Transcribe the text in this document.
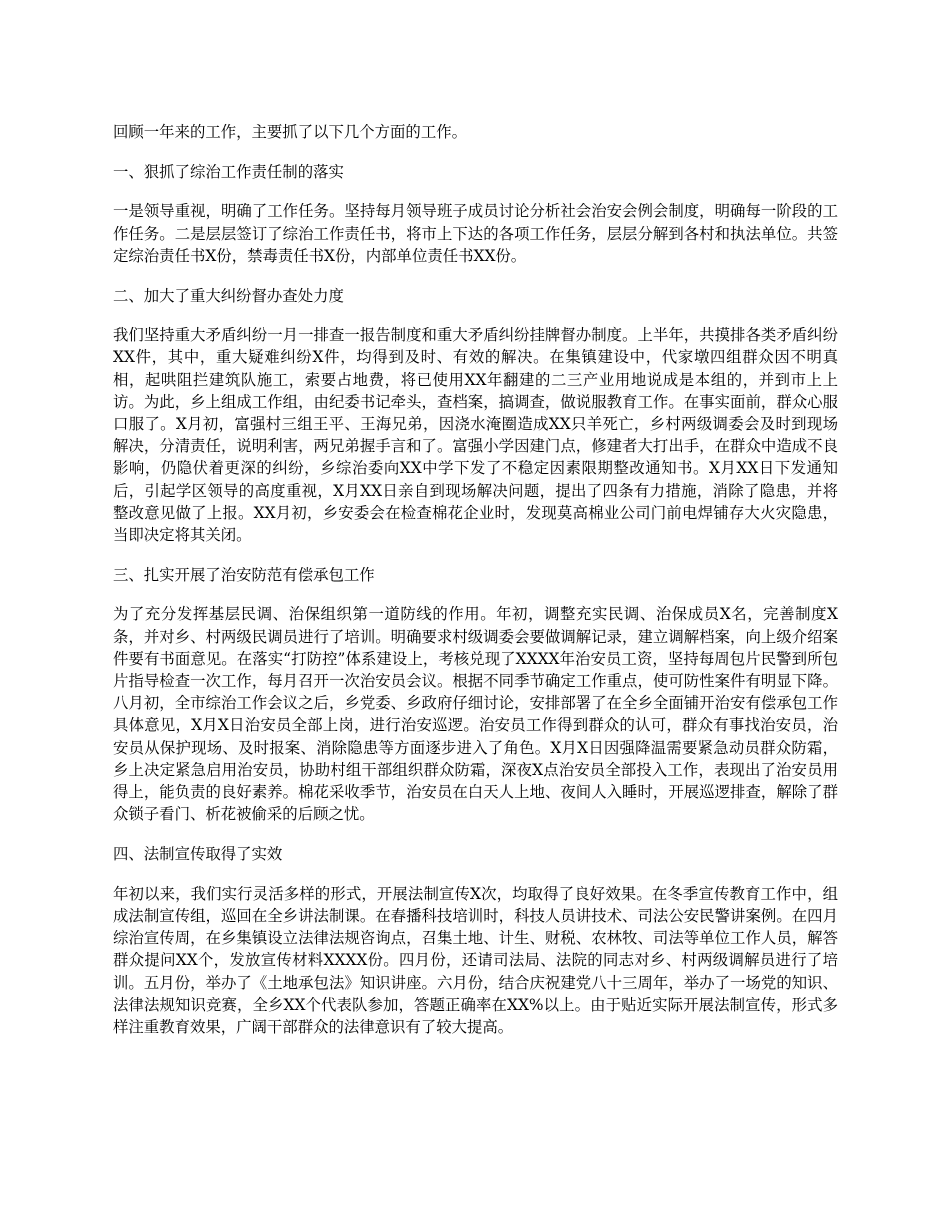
回顾一年来的工作，主要抓了以下几个方面的工作。

一、狠抓了综治工作责任制的落实

一是领导重视，明确了工作任务。坚持每月领导班子成员讨论分析社会治安会例会制度，明确每一阶段的工作任务。二是层层签订了综治工作责任书，将市上下达的各项工作任务，层层分解到各村和执法单位。共签定综治责任书X份，禁毒责任书X份，内部单位责任书XX份。

二、加大了重大纠纷督办查处力度

我们坚持重大矛盾纠纷一月一排查一报告制度和重大矛盾纠纷挂牌督办制度。上半年，共摸排各类矛盾纠纷XX件，其中，重大疑难纠纷X件，均得到及时、有效的解决。在集镇建设中，代家墩四组群众因不明真相，起哄阻拦建筑队施工，索要占地费，将已使用XX年翻建的二三产业用地说成是本组的，并到市上上访。为此，乡上组成工作组，由纪委书记牵头，查档案，搞调查，做说服教育工作。在事实面前，群众心服口服了。X月初，富强村三组王平、王海兄弟，因浇水淹圈造成XX只羊死亡，乡村两级调委会及时到现场解决，分清责任，说明利害，两兄弟握手言和了。富强小学因建门点，修建者大打出手，在群众中造成不良影响，仍隐伏着更深的纠纷，乡综治委向XX中学下发了不稳定因素限期整改通知书。X月XX日下发通知后，引起学区领导的高度重视，X月XX日亲自到现场解决问题，提出了四条有力措施，消除了隐患，并将整改意见做了上报。XX月初，乡安委会在检查棉花企业时，发现莫高棉业公司门前电焊铺存大火灾隐患，当即决定将其关闭。

三、扎实开展了治安防范有偿承包工作

为了充分发挥基层民调、治保组织第一道防线的作用。年初，调整充实民调、治保成员X名，完善制度X条，并对乡、村两级民调员进行了培训。明确要求村级调委会要做调解记录，建立调解档案，向上级介绍案件要有书面意见。在落实“打防控”体系建设上，考核兑现了XXXX年治安员工资，坚持每周包片民警到所包片指导检查一次工作，每月召开一次治安员会议。根据不同季节确定工作重点，使可防性案件有明显下降。八月初，全市综治工作会议之后，乡党委、乡政府仔细讨论，安排部署了在全乡全面铺开治安有偿承包工作具体意见，X月X日治安员全部上岗，进行治安巡逻。治安员工作得到群众的认可，群众有事找治安员，治安员从保护现场、及时报案、消除隐患等方面逐步进入了角色。X月X日因强降温需要紧急动员群众防霜，乡上决定紧急启用治安员，协助村组干部组织群众防霜，深夜X点治安员全部投入工作，表现出了治安员用得上，能负责的良好素养。棉花采收季节，治安员在白天人上地、夜间人入睡时，开展巡逻排查，解除了群众锁子看门、析花被偷采的后顾之忧。

四、法制宣传取得了实效

年初以来，我们实行灵活多样的形式，开展法制宣传X次，均取得了良好效果。在冬季宣传教育工作中，组成法制宣传组，巡回在全乡讲法制课。在春播科技培训时，科技人员讲技术、司法公安民警讲案例。在四月综治宣传周，在乡集镇设立法律法规咨询点，召集土地、计生、财税、农林牧、司法等单位工作人员，解答群众提问XX个，发放宣传材料XXXX份。四月份，还请司法局、法院的同志对乡、村两级调解员进行了培训。五月份，举办了《土地承包法》知识讲座。六月份，结合庆祝建党八十三周年，举办了一场党的知识、法律法规知识竞赛，全乡XX个代表队参加，答题正确率在XX%以上。由于贴近实际开展法制宣传，形式多样注重教育效果，广阔干部群众的法律意识有了较大提高。
